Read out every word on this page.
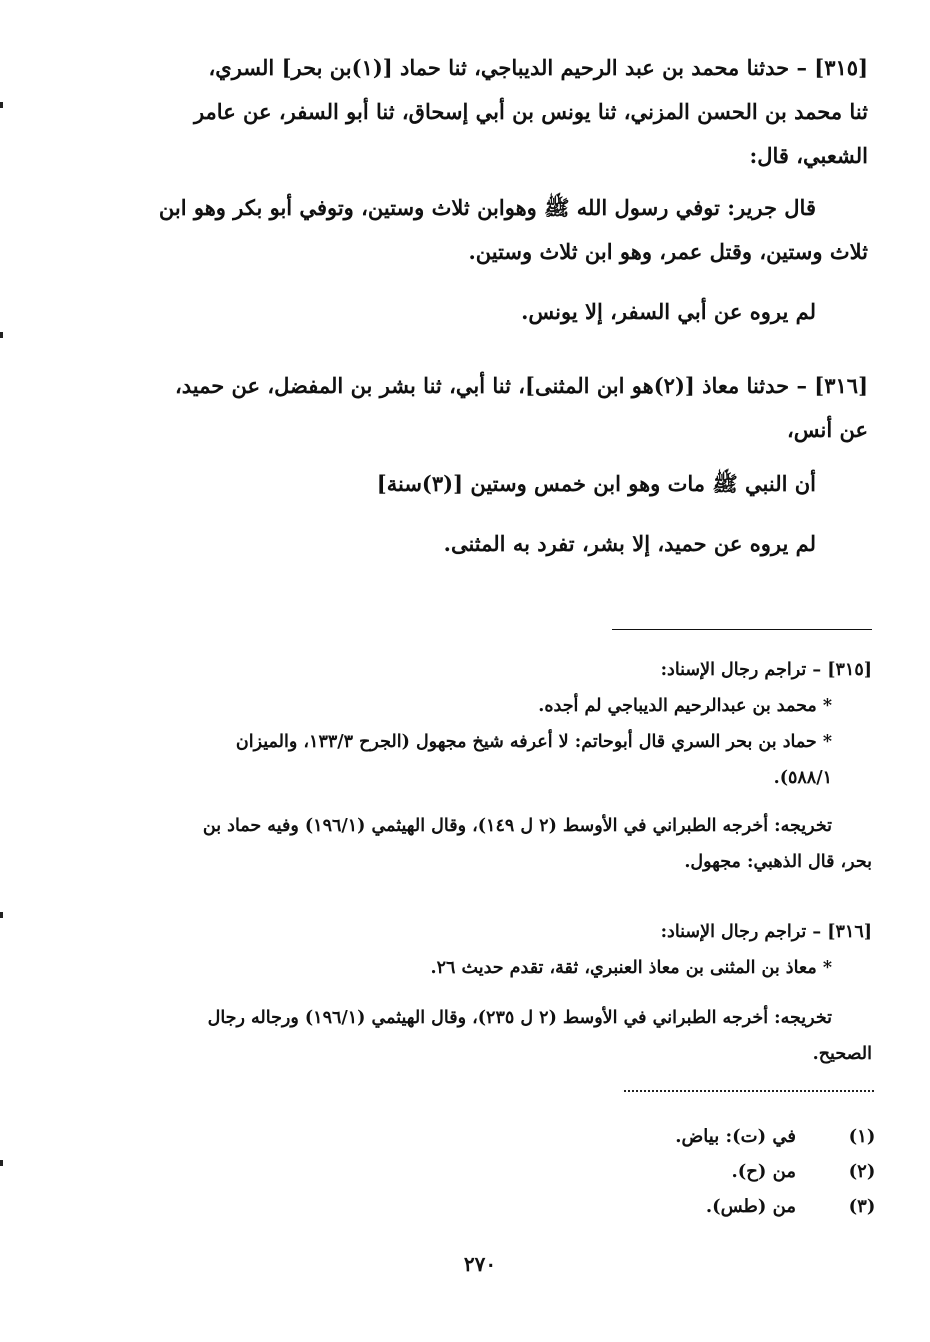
[٣١٥] – حدثنا محمد بن عبد الرحيم الديباجي، ثنا حماد [(١)بن بحر] السري،
ثنا محمد بن الحسن المزني، ثنا يونس بن أبي إسحاق، ثنا أبو السفر، عن عامر
الشعبي، قال:
قال جرير: توفي رسول الله ﷺ وهوابن ثلاث وستين، وتوفي أبو بكر وهو ابن
ثلاث وستين، وقتل عمر، وهو ابن ثلاث وستين.
لم يروه عن أبي السفر، إلا يونس.
[٣١٦] – حدثنا معاذ [(٢)هو ابن المثنى]، ثنا أبي، ثنا بشر بن المفضل، عن حميد،
عن أنس،
أن النبي ﷺ مات وهو ابن خمس وستين [(٣)سنة]
لم يروه عن حميد، إلا بشر، تفرد به المثنى.
[٣١٥] – تراجم رجال الإسناد:
* محمد بن عبدالرحيم الديباجي لم أجده.
* حماد بن بحر السري قال أبوحاتم: لا أعرفه شيخ مجهول (الجرح ١٣٣/٣، والميزان
٥٨٨/١).
تخريجه: أخرجه الطبراني في الأوسط (٢ ل ١٤٩)، وقال الهيثمي (١٩٦/١) وفيه حماد بن
بحر، قال الذهبي: مجهول.
[٣١٦] – تراجم رجال الإسناد:
* معاذ بن المثنى بن معاذ العنبري، ثقة، تقدم حديث ٢٦.
تخريجه: أخرجه الطبراني في الأوسط (٢ ل ٢٣٥)، وقال الهيثمي (١٩٦/١) ورجاله رجال
الصحيح.
(١)
في (ت): بياض.
(٢)
من (ح).
(٣)
من (طس).
٢٧٠
